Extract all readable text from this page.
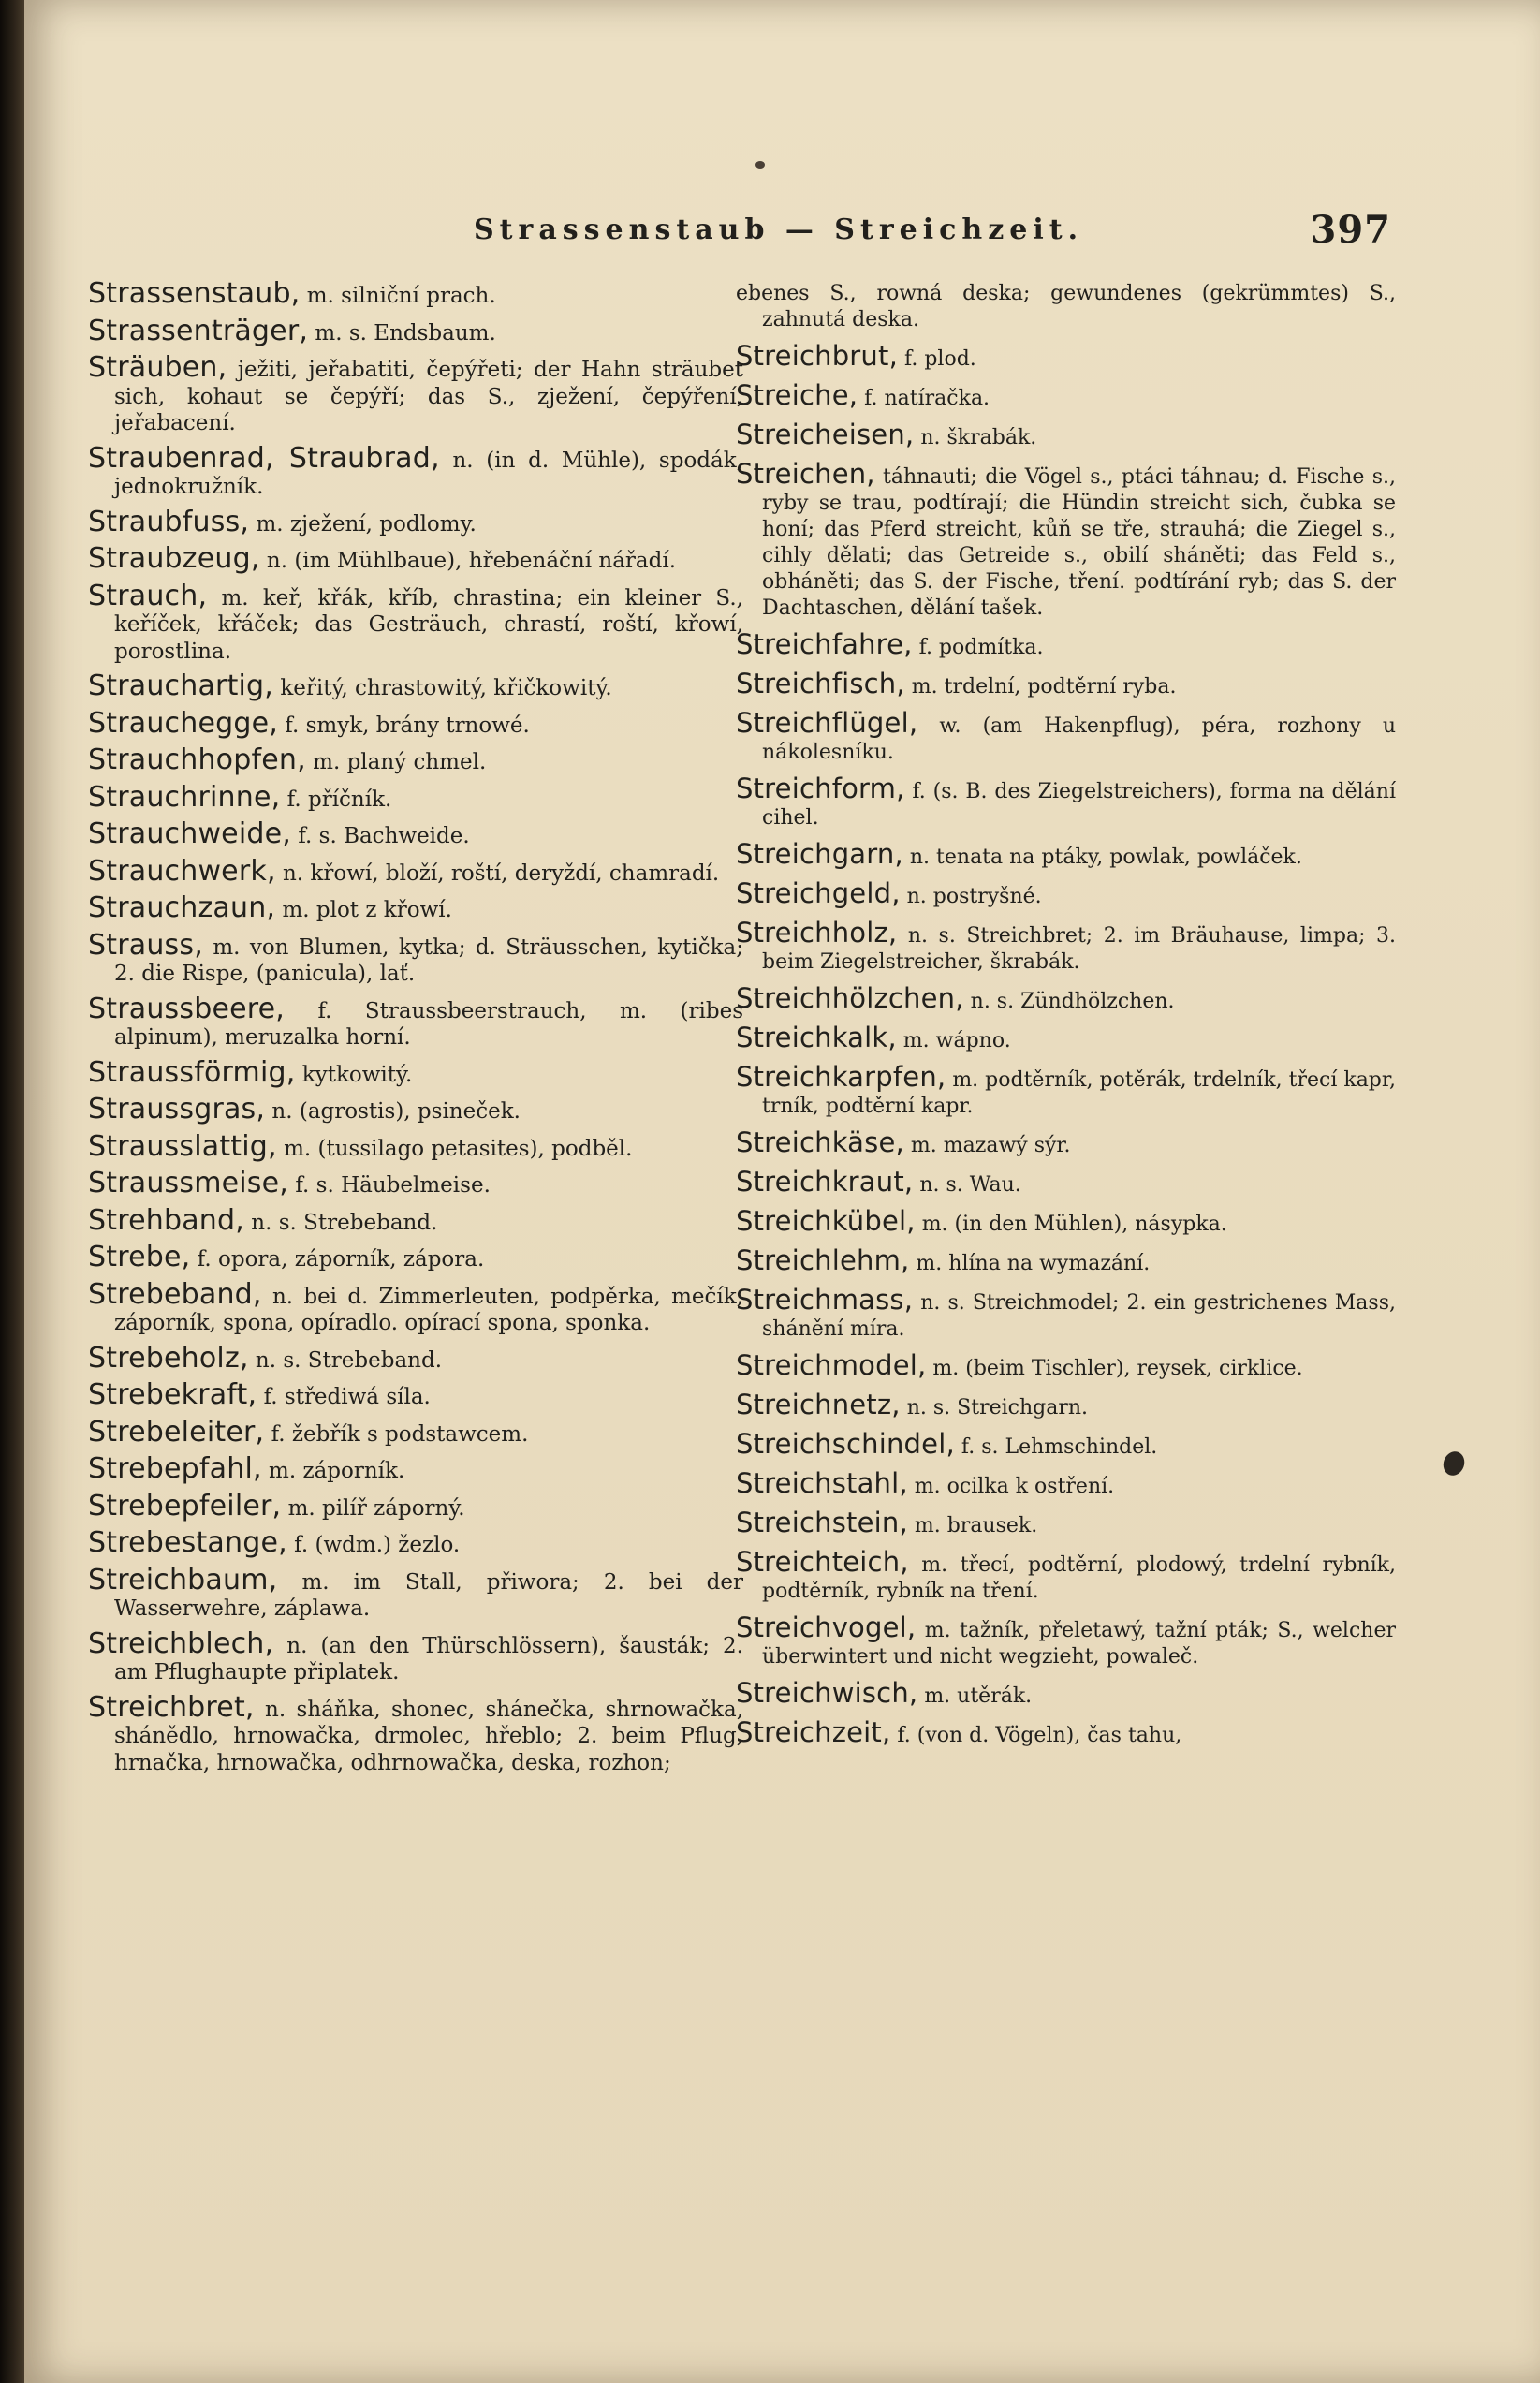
Strassenstaub — Streichzeit.	397

Strassenstaub, m. silniční prach.

Strassenträger, m. s. Endsbaum.

Sträuben, ježiti, jeřabatiti, čepýřeti; der Hahn sträubet sich, kohaut se čepýří; das S., zježení, čepýření, jeřabacení.

Straubenrad, Straubrad, n. (in d. Mühle), spodák, jednokružník.

Straubfuss, m. zježení, podlomy.

Straubzeug, n. (im Mühlbaue), hřebenáční nářadí.

Strauch, m. keř, křák, kříb, chrastina; ein kleiner S., keříček, křáček; das Gesträuch, chrastí, roští, křowí, porostlina.

Strauchartig, keřitý, chrastowitý, křičkowitý.

Strauchegge, f. smyk, brány trnowé.

Strauchhopfen, m. planý chmel.

Strauchrinne, f. příčník.

Strauchweide, f. s. Bachweide.

Strauchwerk, n. křowí, bloží, roští, deryždí, chamradí.

Strauchzaun, m. plot z křowí.

Strauss, m. von Blumen, kytka; d. Sträusschen, kytička; 2. die Rispe, (panicula), lať.

Straussbeere, f. Straussbeerstrauch, m. (ribes alpinum), meruzalka horní.

Straussförmig, kytkowitý.

Straussgras, n. (agrostis), psineček.

Strausslattig, m. (tussilago petasites), podběl.

Straussmeise, f. s. Häubelmeise.

Strehband, n. s. Strebeband.

Strebe, f. opora, záporník, zápora.

Strebeband, n. bei d. Zimmerleuten, podpěrka, mečík, záporník, spona, opíradlo. opírací spona, sponka.

Strebeholz, n. s. Strebeband.

Strebekraft, f. střediwá síla.

Strebeleiter, f. žebřík s podstawcem.

Strebepfahl, m. záporník.

Strebepfeiler, m. pilíř záporný.

Strebestange, f. (wdm.) žezlo.

Streichbaum, m. im Stall, přiwora; 2. bei der Wasserwehre, záplawa.

Streichblech, n. (an den Thürschlössern), šausták; 2. am Pflughaupte připlatek.

Streichbret, n. sháňka, shonec, shánečka, shrnowačka, shánědlo, hrnowačka, drmolec, hřeblo; 2. beim Pflug, hrnačka, hrnowačka, odhrnowačka, deska, rozhon;

ebenes S., rowná deska; gewundenes (gekrümmtes) S., zahnutá deska.

Streichbrut, f. plod.

Streiche, f. natíračka.

Streicheisen, n. škrabák.

Streichen, táhnauti; die Vögel s., ptáci táhnau; d. Fische s., ryby se trau, podtírají; die Hündin streicht sich, čubka se honí; das Pferd streicht, kůň se tře, strauhá; die Ziegel s., cihly dělati; das Getreide s., obilí sháněti; das Feld s., obháněti; das S. der Fische, tření. podtírání ryb; das S. der Dachtaschen, dělání tašek.

Streichfahre, f. podmítka.

Streichfisch, m. trdelní, podtěrní ryba.

Streichflügel, w. (am Hakenpflug), péra, rozhony u nákolesníku.

Streichform, f. (s. B. des Ziegelstreichers), forma na dělání cihel.

Streichgarn, n. tenata na ptáky, powlak, powláček.

Streichgeld, n. postryšné.

Streichholz, n. s. Streichbret; 2. im Bräuhause, limpa; 3. beim Ziegelstreicher, škrabák.

Streichhölzchen, n. s. Zündhölzchen.

Streichkalk, m. wápno.

Streichkarpfen, m. podtěrník, potěrák, trdelník, třecí kapr, trník, podtěrní kapr.

Streichkäse, m. mazawý sýr.

Streichkraut, n. s. Wau.

Streichkübel, m. (in den Mühlen), násypka.

Streichlehm, m. hlína na wymazání.

Streichmass, n. s. Streichmodel; 2. ein gestrichenes Mass, shánění míra.

Streichmodel, m. (beim Tischler), reysek, cirklice.

Streichnetz, n. s. Streichgarn.

Streichschindel, f. s. Lehmschindel.

Streichstahl, m. ocilka k ostření.

Streichstein, m. brausek.

Streichteich, m. třecí, podtěrní, plodowý, trdelní rybník, podtěrník, rybník na tření.

Streichvogel, m. tažník, přeletawý, tažní pták; S., welcher überwintert und nicht wegzieht, powaleč.

Streichwisch, m. utěrák.

Streichzeit, f. (von d. Vögeln), čas tahu,
